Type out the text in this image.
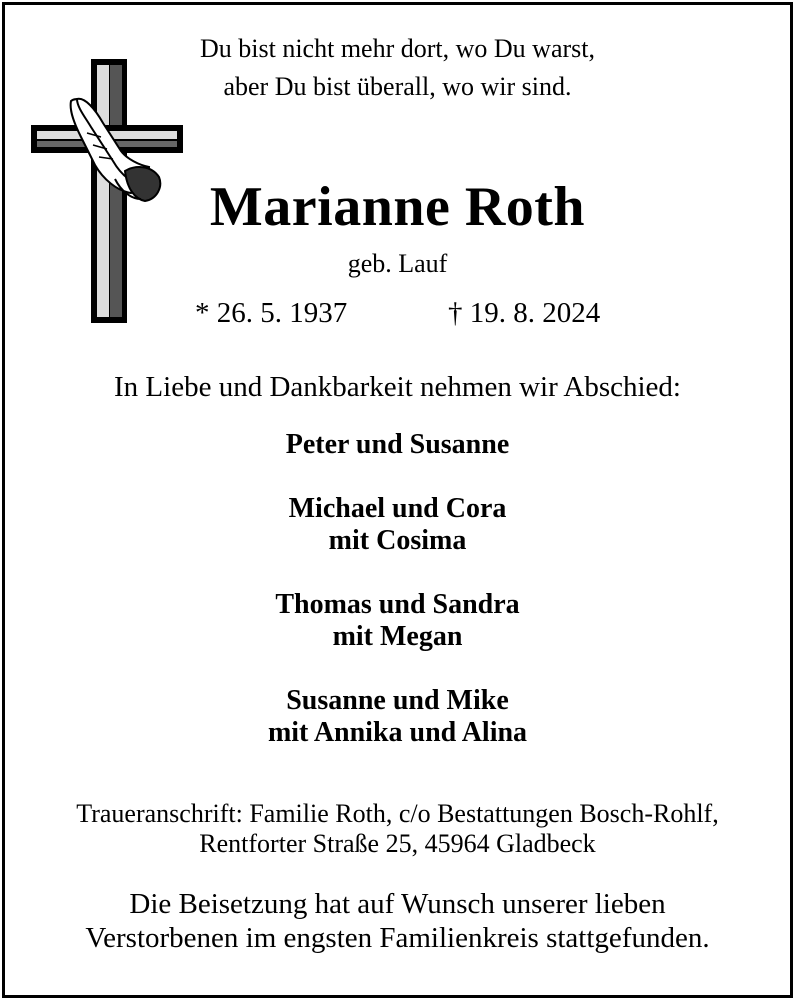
Du bist nicht mehr dort, wo Du warst,
aber Du bist überall, wo wir sind.
Marianne Roth
geb. Lauf
* 26. 5. 1937	† 19. 8. 2024
In Liebe und Dankbarkeit nehmen wir Abschied:
Peter und Susanne
Michael und Cora
mit Cosima
Thomas und Sandra
mit Megan
Susanne und Mike
mit Annika und Alina
Traueranschrift: Familie Roth, c/o Bestattungen Bosch-Rohlf,
Rentforter Straße 25, 45964 Gladbeck
Die Beisetzung hat auf Wunsch unserer lieben
Verstorbenen im engsten Familienkreis stattgefunden.
